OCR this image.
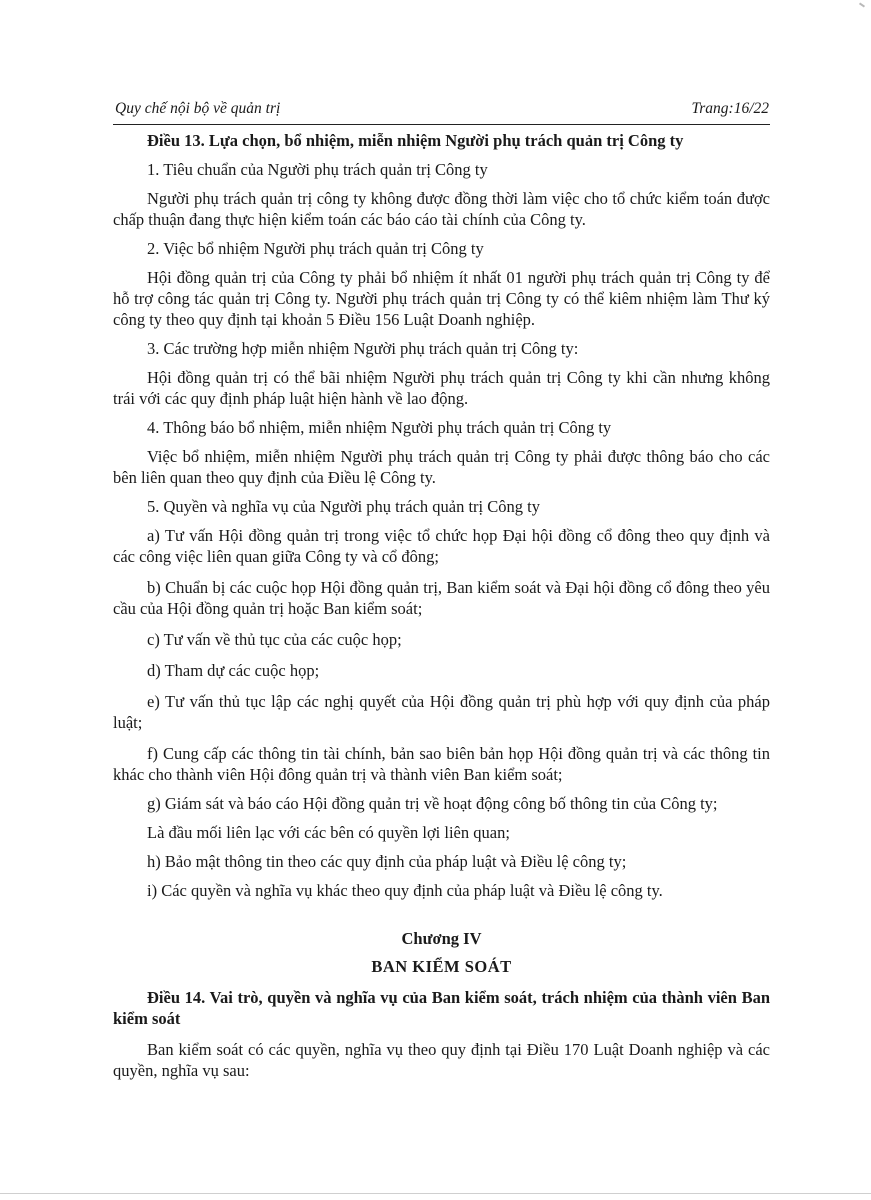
Quy chế nội bộ về quản trị	Trang:16/22

Điều 13. Lựa chọn, bổ nhiệm, miễn nhiệm Người phụ trách quản trị Công ty

1. Tiêu chuẩn của Người phụ trách quản trị Công ty

Người phụ trách quản trị công ty không được đồng thời làm việc cho tổ chức kiểm toán được chấp thuận đang thực hiện kiểm toán các báo cáo tài chính của Công ty.

2. Việc bổ nhiệm Người phụ trách quản trị Công ty

Hội đồng quản trị của Công ty phải bổ nhiệm ít nhất 01 người phụ trách quản trị Công ty để hỗ trợ công tác quản trị Công ty. Người phụ trách quản trị Công ty có thể kiêm nhiệm làm Thư ký công ty theo quy định tại khoản 5 Điều 156 Luật Doanh nghiệp.

3. Các trường hợp miễn nhiệm Người phụ trách quản trị Công ty:

Hội đồng quản trị có thể bãi nhiệm Người phụ trách quản trị Công ty khi cần nhưng không trái với các quy định pháp luật hiện hành về lao động.

4. Thông báo bổ nhiệm, miễn nhiệm Người phụ trách quản trị Công ty

Việc bổ nhiệm, miễn nhiệm Người phụ trách quản trị Công ty phải được thông báo cho các bên liên quan theo quy định của Điều lệ Công ty.

5. Quyền và nghĩa vụ của Người phụ trách quản trị Công ty

a) Tư vấn Hội đồng quản trị trong việc tổ chức họp Đại hội đồng cổ đông theo quy định và các công việc liên quan giữa Công ty và cổ đông;

b) Chuẩn bị các cuộc họp Hội đồng quản trị, Ban kiểm soát và Đại hội đồng cổ đông theo yêu cầu của Hội đồng quản trị hoặc Ban kiểm soát;

c) Tư vấn về thủ tục của các cuộc họp;

d) Tham dự các cuộc họp;

e) Tư vấn thủ tục lập các nghị quyết của Hội đồng quản trị phù hợp với quy định của pháp luật;

f) Cung cấp các thông tin tài chính, bản sao biên bản họp Hội đồng quản trị và các thông tin khác cho thành viên Hội đông quản trị và thành viên Ban kiểm soát;

g) Giám sát và báo cáo Hội đồng quản trị về hoạt động công bố thông tin của Công ty;

Là đầu mối liên lạc với các bên có quyền lợi liên quan;

h) Bảo mật thông tin theo các quy định của pháp luật và Điều lệ công ty;

i) Các quyền và nghĩa vụ khác theo quy định của pháp luật và Điều lệ công ty.

Chương IV

BAN KIỂM SOÁT

Điều 14. Vai trò, quyền và nghĩa vụ của Ban kiểm soát, trách nhiệm của thành viên Ban kiểm soát

Ban kiểm soát có các quyền, nghĩa vụ theo quy định tại Điều 170 Luật Doanh nghiệp và các quyền, nghĩa vụ sau:
